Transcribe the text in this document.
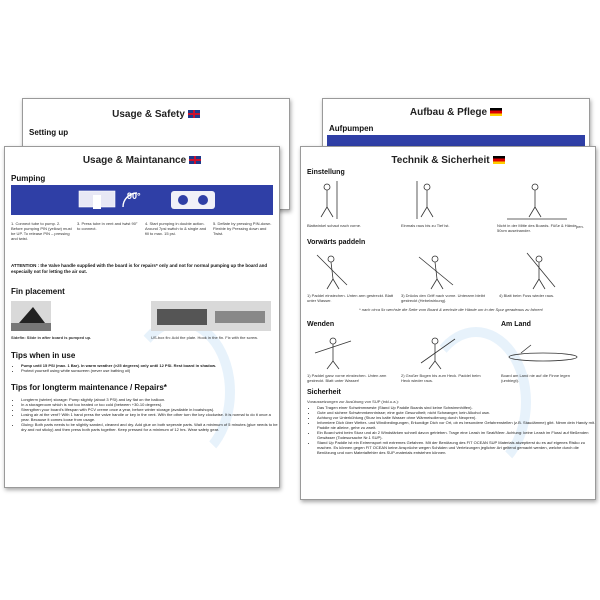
Usage & Safety
Setting up
Aufbau & Pflege
Aufpumpen
Usage & Maintanance
Pumping
90°
1. Connect tube to pump. 2. Before pumping PIN (yellow) must be UP. To release PIN – pressing and twist.
3. Press tube in vent and twist 90° to connect.
4. Start pumping in double action. Around 7psi switch to & single and fill to max. 15 psi.
5. Deflate by pressing PIN-down. Flexble by Pressing down and Twist.
ATTENTION : the Valve handle supplied with the board is for repairs* only and not for normal pumping up the board and especially not for letting the air out.
Fin placement
Sidefin: Slide in after board is pumped up.	US-box fin: Add the plate. Hook in the fin. Fix with the screw.
Tips when in use
• Pump until 15 PSI (max. 1 Bar). In warm weather (>25 degrees) only until 12 PSI. Rest board in shadow.
• Protect yourself using white sunscreen (never use bathing oil)
Tips for longterm maintenance / Repairs*
• Longterm (winter) storage: Pump slightly (about 3 PSI) and lay flat on the balloon.
• In a storageroom which is not too heated or too cold (between +30-10 degrees).
• Strengthen your board's lifespan with PCV creme once a year, before winter storage (available in boatshops).
• Losing air at the vent? With 1 hand press the valve handle or key in the vent. With the other turn the key clockwise. It is normal to do it once a year. Because it comes loose from usage.
• Gluing: Both parts needs to be slightly sanded, cleaned and dry. Add glue on both seperate parts. Wait a minimum of 5 minutes (glue needs to be dry and not sticky) and then press both parts together. Keep pressed for a minimum of 12 hrs. Wear safety gear.
Technik & Sicherheit
Einstellung
Blattwinkel schaut nach vorne.	Einmals raus bis zu Tief ist.	Nicht in der Mitte des Boards. Füße & Hände 50cm auseinander.
Vorwärts paddeln
1) Paddel einstechen. Unten arm gestreckt. Blatt unter Wasser.
3) Drücks den Griff nach vorne. Unterarm bleibt gestreckt (Hebelwirkung).
4) Blatt beim Fuss wieder raus.
* nach circa 5x wechsle die Seite vom Board & wechsle die Hände um in der Spur geradeaus zu fahren!
Wenden	Am Land
1) Paddel ganz vorne einstechen. Unten arm gestreckt. Blatt unter Wasser!
2) Großer Bogen bis zum Heck. Paddel beim Heck wieder raus.
Board am Land nie auf die Finne legen (umbiegt).
Sicherheit
Voraussetzungen zur Ausübung von SUP (inkl.u.a.):
• Das Tragen einer Schwimmweste (Stand Up Paddle Boards sind keine Schwimmhilfen).
• Gute und sichere Schwimmkenntnisse; eine gute Gesundheit; nicht Schwanger; kein Alkohol usw.
• Achtung vor Unterkühlung (Sturz ins kalte Wasser ohne Wärmeisolierung durch Neopren).
• Informiere Dich über Wetter- und Windbedingungen, Erkundige Dich vor Ort, ob es besondere Gefahrenstellen (z.B. Staudämme) gibt. Nimm dein Handy mit. Paddle nie alleine, gehe zu zweit.
• Ein Board wird beim Sturz und ab 2 Windstärken schnell davon getrieben. Trage eine Leash im Seat/Meer. Achtung: keine Leash im Fluss/ auf fließenden Gewässer (Todesursache Nr.1 SUP).
• Stand Up Paddle ist ein Extremsport mit extremes Gefahren. Mit der Benützung des FIT OCEAN SUP Materials akzeptierst du es auf eigenes Risiko zu machen. Es können gegen FIT OCEAN keine Ansprüche wegen Schäden und Verletzungen jeglicher Art geltend gemacht werden, welche durch die Benützung und vom Materialfehler des SUP-materials entstehen können.
pen.
